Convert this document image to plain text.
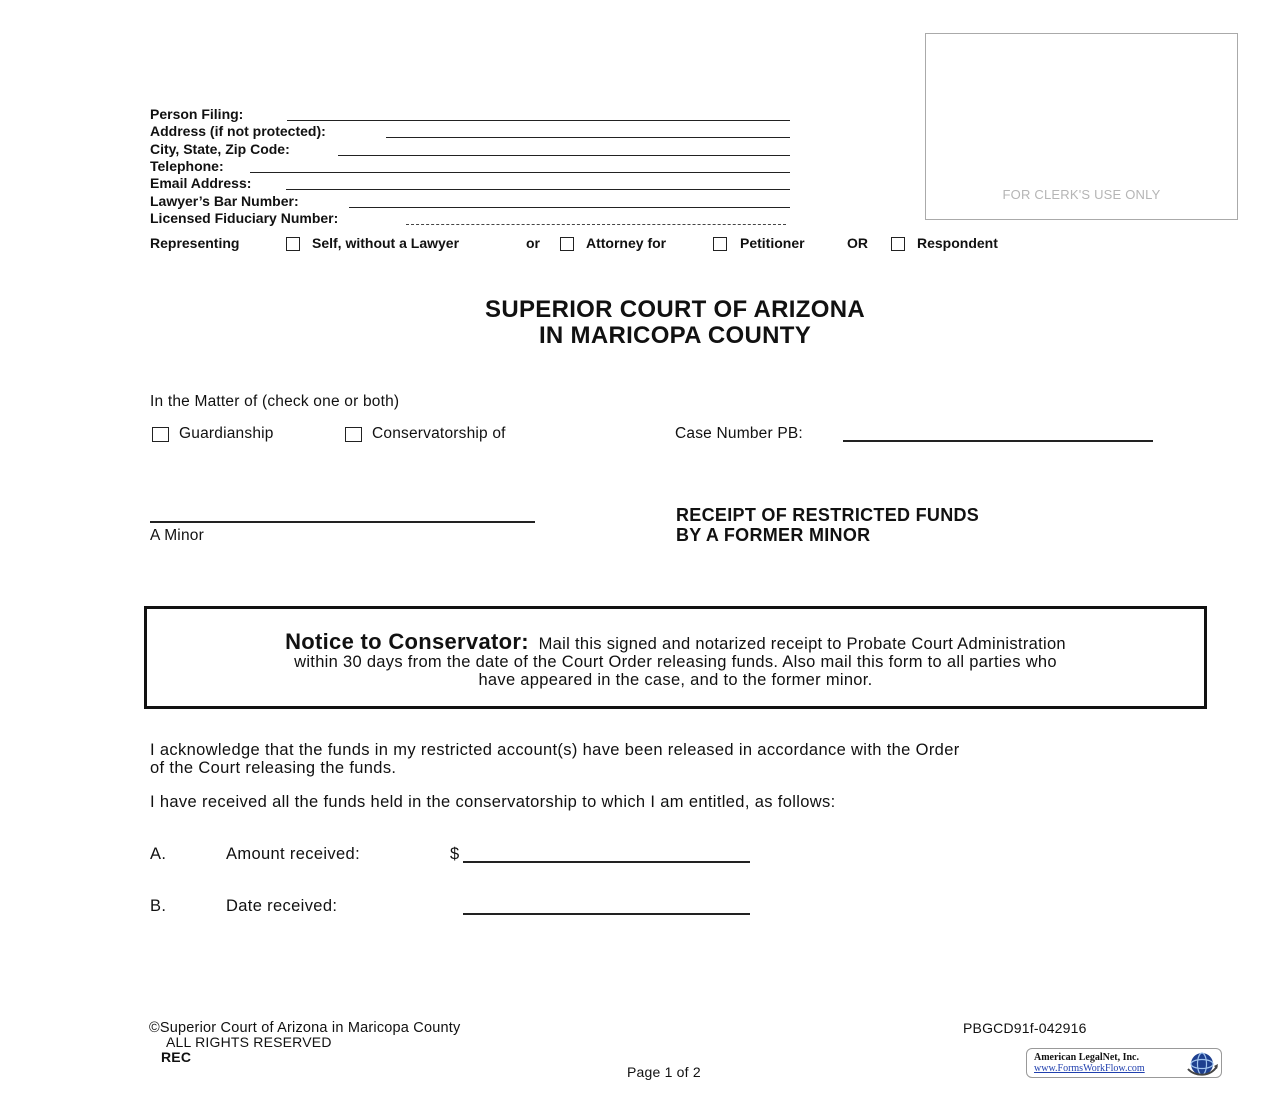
Person Filing:
Address (if not protected):
City, State, Zip Code:
Telephone:
Email Address:
Lawyer’s Bar Number:
Licensed Fiduciary Number:
Representing	Self, without a Lawyer	or	Attorney for	Petitioner	OR	Respondent
FOR CLERK'S USE ONLY
SUPERIOR COURT OF ARIZONA
IN MARICOPA COUNTY
In the Matter of (check one or both)
Guardianship	Conservatorship of	Case Number PB:
A Minor
RECEIPT OF RESTRICTED FUNDS
BY A FORMER MINOR
Notice to Conservator: Mail this signed and notarized receipt to Probate Court Administration
within 30 days from the date of the Court Order releasing funds. Also mail this form to all parties who
have appeared in the case, and to the former minor.
I acknowledge that the funds in my restricted account(s) have been released in accordance with the Order
of the Court releasing the funds.
I have received all the funds held in the conservatorship to which I am entitled, as follows:
A.	Amount received:	$
B.	Date received:
©Superior Court of Arizona in Maricopa County
ALL RIGHTS RESERVED
REC
PBGCD91f-042916
Page 1 of 2
American LegalNet, Inc.
www.FormsWorkFlow.com
